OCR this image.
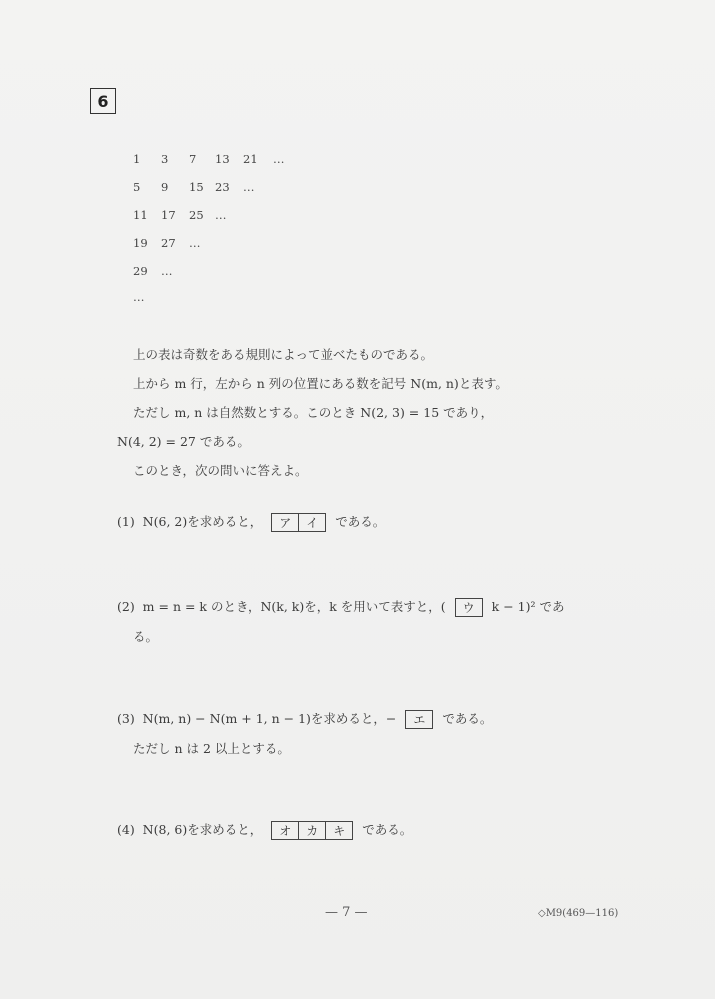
6
1 3 7 13 21 …
5 9 15 23 …
11 17 25 …
19 27 …
29 …
…
上の表は奇数をある規則によって並べたものである。
上から m 行，左から n 列の位置にある数を記号 N(m, n)と表す。
ただし m, n は自然数とする。このとき N(2, 3) = 15 であり，
N(4, 2) = 27 である。
このとき，次の問いに答えよ。
(1) N(6, 2)を求めると， ア イ である。
(2) m = n = k のとき，N(k, k)を，k を用いて表すと，( ウ k − 1)² であ
る。
(3) N(m, n) − N(m + 1, n − 1)を求めると，− エ である。
ただし n は 2 以上とする。
(4) N(8, 6)を求めると， オ カ キ である。
— 7 —	◇M9(469—116)
